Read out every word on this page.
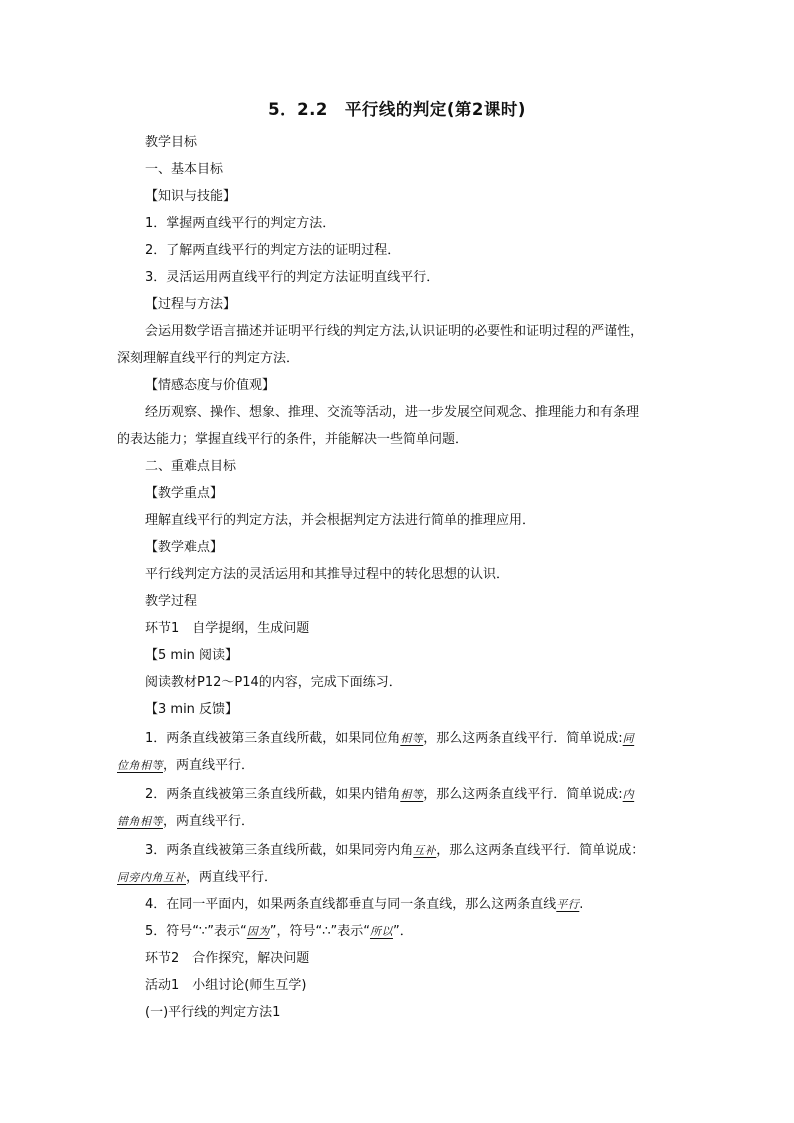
5．2.2　平行线的判定(第2课时)
教学目标
一、基本目标
【知识与技能】
1．掌握两直线平行的判定方法．
2．了解两直线平行的判定方法的证明过程．
3．灵活运用两直线平行的判定方法证明直线平行．
【过程与方法】
会运用数学语言描述并证明平行线的判定方法,认识证明的必要性和证明过程的严谨性，
深刻理解直线平行的判定方法．
【情感态度与价值观】
经历观察、操作、想象、推理、交流等活动，进一步发展空间观念、推理能力和有条理
的表达能力；掌握直线平行的条件，并能解决一些简单问题．
二、重难点目标
【教学重点】
理解直线平行的判定方法，并会根据判定方法进行简单的推理应用．
【教学难点】
平行线判定方法的灵活运用和其推导过程中的转化思想的认识．
教学过程
环节1　自学提纲，生成问题
【5 min 阅读】
阅读教材P12～P14的内容，完成下面练习．
【3 min 反馈】
1．两条直线被第三条直线所截，如果同位角相等，那么这两条直线平行．简单说成:同
位角相等，两直线平行．
2．两条直线被第三条直线所截，如果内错角相等，那么这两条直线平行．简单说成:内
错角相等，两直线平行．
3．两条直线被第三条直线所截，如果同旁内角互补，那么这两条直线平行．简单说成：
同旁内角互补，两直线平行．
4．在同一平面内，如果两条直线都垂直与同一条直线，那么这两条直线平行.
5．符号“∵”表示“因为”，符号“∴”表示“所以”．
环节2　合作探究，解决问题
活动1　小组讨论(师生互学)
(一)平行线的判定方法1
